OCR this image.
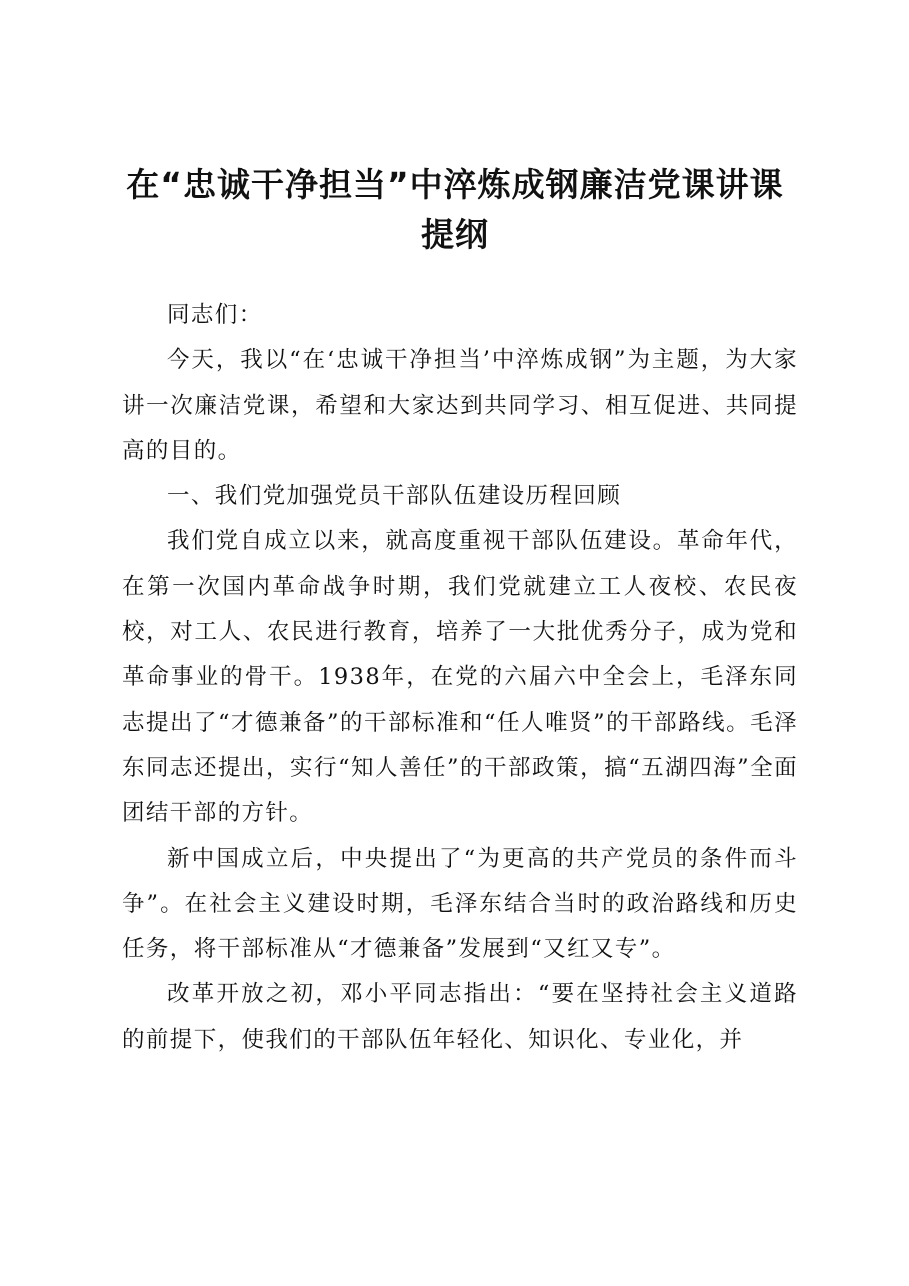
在“忠诚干净担当”中淬炼成钢廉洁党课讲课提纲

同志们：

今天，我以“在‘忠诚干净担当’中淬炼成钢”为主题，为大家讲一次廉洁党课，希望和大家达到共同学习、相互促进、共同提高的目的。

一、我们党加强党员干部队伍建设历程回顾

我们党自成立以来，就高度重视干部队伍建设。革命年代，在第一次国内革命战争时期，我们党就建立工人夜校、农民夜校，对工人、农民进行教育，培养了一大批优秀分子，成为党和革命事业的骨干。1938年，在党的六届六中全会上，毛泽东同志提出了“才德兼备”的干部标准和“任人唯贤”的干部路线。毛泽东同志还提出，实行“知人善任”的干部政策，搞“五湖四海”全面团结干部的方针。

新中国成立后，中央提出了“为更高的共产党员的条件而斗争”。在社会主义建设时期，毛泽东结合当时的政治路线和历史任务，将干部标准从“才德兼备”发展到“又红又专”。

改革开放之初，邓小平同志指出：“要在坚持社会主义道路的前提下，使我们的干部队伍年轻化、知识化、专业化，并
